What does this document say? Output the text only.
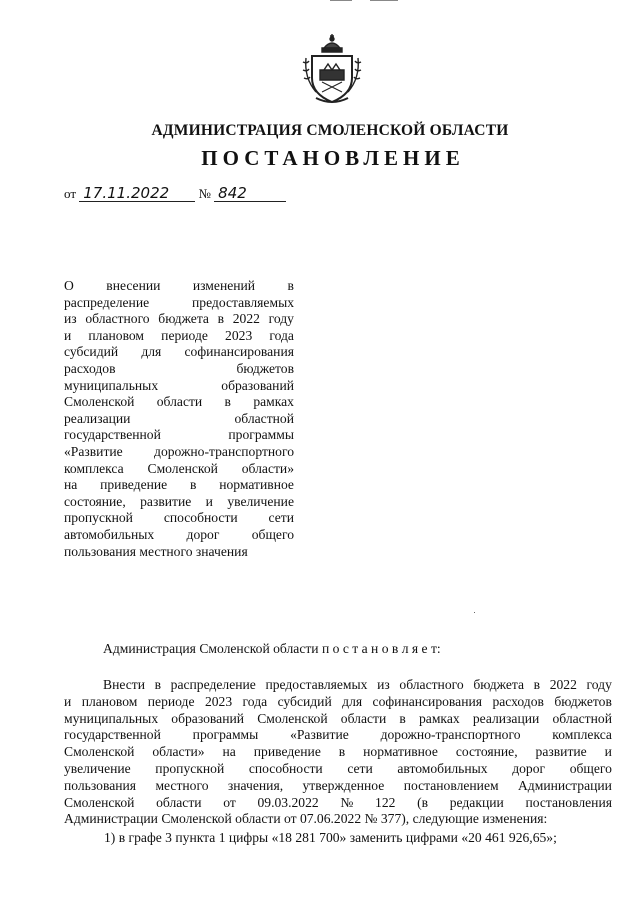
АДМИНИСТРАЦИЯ СМОЛЕНСКОЙ ОБЛАСТИ
ПОСТАНОВЛЕНИЕ
от 17.11.2022 № 842
О внесении изменений в
распределение	предоставляемых
из областного бюджета в 2022 году
и плановом периоде 2023 года
субсидий для софинансирования
расходов	бюджетов
муниципальных	образований
Смоленской области в рамках
реализации	областной
государственной	программы
«Развитие дорожно-транспортного
комплекса Смоленской области»
на приведение в нормативное
состояние, развитие и увеличение
пропускной способности сети
автомобильных дорог общего
пользования местного значения
Администрация Смоленской области п о с т а н о в л я е т:
Внести в распределение предоставляемых из областного бюджета в 2022 году
и плановом периоде 2023 года субсидий для софинансирования расходов бюджетов
муниципальных образований Смоленской области в рамках реализации областной
государственной программы «Развитие дорожно-транспортного комплекса
Смоленской области» на приведение в нормативное состояние, развитие и
увеличение пропускной способности сети автомобильных дорог общего
пользования местного значения, утвержденное постановлением Администрации
Смоленской области от 09.03.2022 № 122 (в редакции постановления
Администрации Смоленской области от 07.06.2022 № 377), следующие изменения:
1) в графе 3 пункта 1 цифры «18 281 700» заменить цифрами «20 461 926,65»;
